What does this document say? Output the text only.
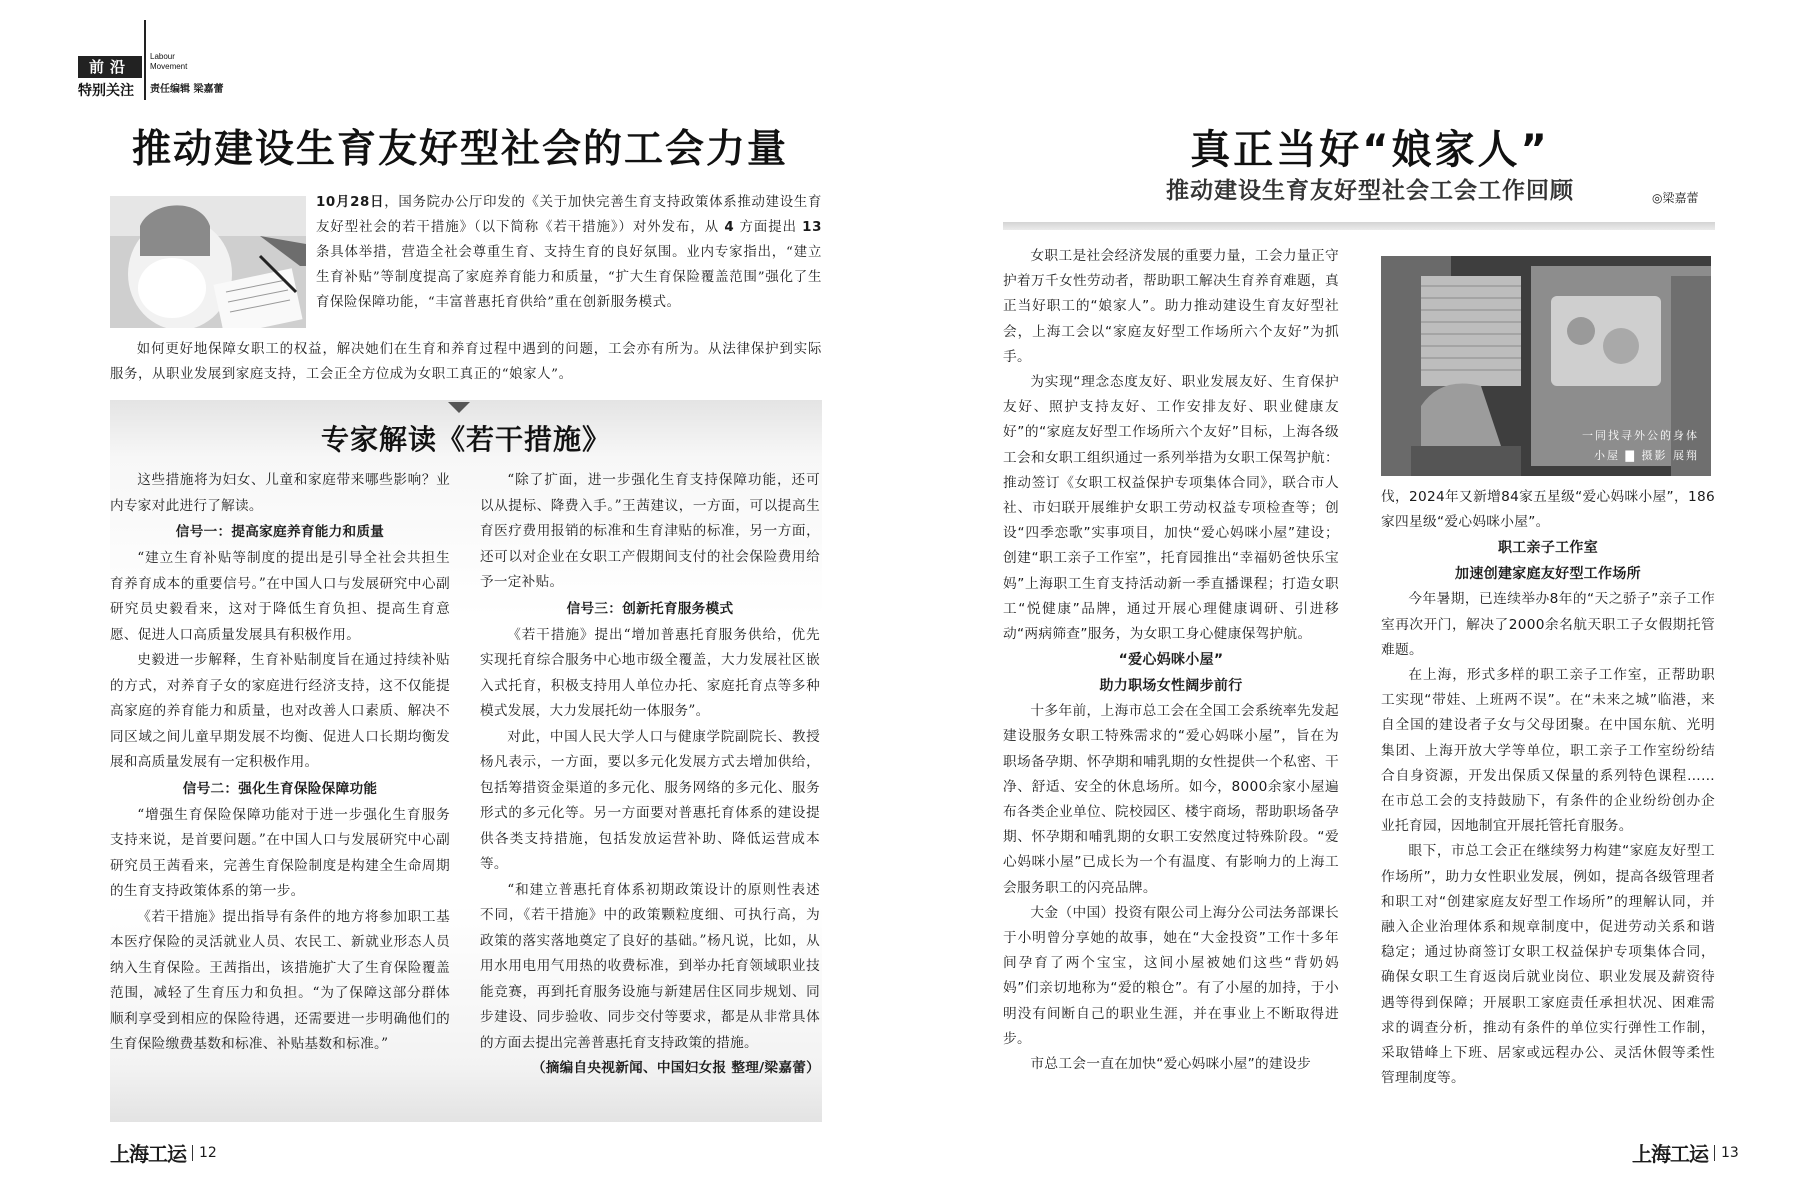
前沿
特别关注
Labour
Movement
责任编辑 梁嘉蕾
推动建设生育友好型社会的工会力量
10月28日，国务院办公厅印发的《关于加快完善生育支持政策体系推动建设生育友好型社会的若干措施》（以下简称《若干措施》）对外发布，从 4 方面提出 13 条具体举措，营造全社会尊重生育、支持生育的良好氛围。业内专家指出，“建立生育补贴”等制度提高了家庭养育能力和质量，“扩大生育保险覆盖范围”强化了生育保险保障功能，“丰富普惠托育供给”重在创新服务模式。

如何更好地保障女职工的权益，解决她们在生育和养育过程中遇到的问题，工会亦有所为。从法律保护到实际服务，从职业发展到家庭支持，工会正全方位成为女职工真正的“娘家人”。

专家解读《若干措施》

这些措施将为妇女、儿童和家庭带来哪些影响？业内专家对此进行了解读。

信号一：提高家庭养育能力和质量

“建立生育补贴等制度的提出是引导全社会共担生育养育成本的重要信号。”在中国人口与发展研究中心副研究员史毅看来，这对于降低生育负担、提高生育意愿、促进人口高质量发展具有积极作用。

史毅进一步解释，生育补贴制度旨在通过持续补贴的方式，对养育子女的家庭进行经济支持，这不仅能提高家庭的养育能力和质量，也对改善人口素质、解决不同区域之间儿童早期发展不均衡、促进人口长期均衡发展和高质量发展有一定积极作用。

信号二：强化生育保险保障功能

“增强生育保险保障功能对于进一步强化生育服务支持来说，是首要问题。”在中国人口与发展研究中心副研究员王茜看来，完善生育保险制度是构建全生命周期的生育支持政策体系的第一步。

《若干措施》提出指导有条件的地方将参加职工基本医疗保险的灵活就业人员、农民工、新就业形态人员纳入生育保险。王茜指出，该措施扩大了生育保险覆盖范围，减轻了生育压力和负担。“为了保障这部分群体顺利享受到相应的保险待遇，还需要进一步明确他们的生育保险缴费基数和标准、补贴基数和标准。”

“除了扩面，进一步强化生育支持保障功能，还可以从提标、降费入手。”王茜建议，一方面，可以提高生育医疗费用报销的标准和生育津贴的标准，另一方面，还可以对企业在女职工产假期间支付的社会保险费用给予一定补贴。

信号三：创新托育服务模式

《若干措施》提出“增加普惠托育服务供给，优先实现托育综合服务中心地市级全覆盖，大力发展社区嵌入式托育，积极支持用人单位办托、家庭托育点等多种模式发展，大力发展托幼一体服务”。

对此，中国人民大学人口与健康学院副院长、教授杨凡表示，一方面，要以多元化发展方式去增加供给，包括筹措资金渠道的多元化、服务网络的多元化、服务形式的多元化等。另一方面要对普惠托育体系的建设提供各类支持措施，包括发放运营补助、降低运营成本等。

“和建立普惠托育体系初期政策设计的原则性表述不同，《若干措施》中的政策颗粒度细、可执行高，为政策的落实落地奠定了良好的基础。”杨凡说，比如，从用水用电用气用热的收费标准，到举办托育领域职业技能竞赛，再到托育服务设施与新建居住区同步规划、同步建设、同步验收、同步交付等要求，都是从非常具体的方面去提出完善普惠托育支持政策的措施。

（摘编自央视新闻、中国妇女报 整理/梁嘉蕾）

上海工运 12
真正当好“娘家人”
推动建设生育友好型社会工会工作回顾	◎梁嘉蕾

女职工是社会经济发展的重要力量，工会力量正守护着万千女性劳动者，帮助职工解决生育养育难题，真正当好职工的“娘家人”。助力推动建设生育友好型社会，上海工会以“家庭友好型工作场所六个友好”为抓手。

为实现“理念态度友好、职业发展友好、生育保护友好、照护支持友好、工作安排友好、职业健康友好”的“家庭友好型工作场所六个友好”目标，上海各级工会和女职工组织通过一系列举措为女职工保驾护航：推动签订《女职工权益保护专项集体合同》，联合市人社、市妇联开展维护女职工劳动权益专项检查等；创设“四季恋歌”实事项目，加快“爱心妈咪小屋”建设；创建“职工亲子工作室”，托育园推出“幸福奶爸快乐宝妈”上海职工生育支持活动新一季直播课程；打造女职工“悦健康”品牌，通过开展心理健康调研、引进移动“两病筛查”服务，为女职工身心健康保驾护航。

“爱心妈咪小屋”
助力职场女性阔步前行

十多年前，上海市总工会在全国工会系统率先发起建设服务女职工特殊需求的“爱心妈咪小屋”，旨在为职场备孕期、怀孕期和哺乳期的女性提供一个私密、干净、舒适、安全的休息场所。如今，8000余家小屋遍布各类企业单位、院校园区、楼宇商场，帮助职场备孕期、怀孕期和哺乳期的女职工安然度过特殊阶段。“爱心妈咪小屋”已成长为一个有温度、有影响力的上海工会服务职工的闪亮品牌。

大金（中国）投资有限公司上海分公司法务部课长于小明曾分享她的故事，她在“大金投资”工作十多年间孕育了两个宝宝，这间小屋被她们这些“背奶妈妈”们亲切地称为“爱的粮仓”。有了小屋的加持，于小明没有间断自己的职业生涯，并在事业上不断取得进步。

市总工会一直在加快“爱心妈咪小屋”的建设步

一同找寻外公的身体
小屋 ▇ 摄影 展翔

伐，2024年又新增84家五星级“爱心妈咪小屋”，186家四星级“爱心妈咪小屋”。

职工亲子工作室
加速创建家庭友好型工作场所

今年暑期，已连续举办8年的“天之骄子”亲子工作室再次开门，解决了2000余名航天职工子女假期托管难题。

在上海，形式多样的职工亲子工作室，正帮助职工实现“带娃、上班两不误”。在“未来之城”临港，来自全国的建设者子女与父母团聚。在中国东航、光明集团、上海开放大学等单位，职工亲子工作室纷纷结合自身资源，开发出保质又保量的系列特色课程……在市总工会的支持鼓励下，有条件的企业纷纷创办企业托育园，因地制宜开展托管托育服务。

眼下，市总工会正在继续努力构建“家庭友好型工作场所”，助力女性职业发展，例如，提高各级管理者和职工对“创建家庭友好型工作场所”的理解认同，并融入企业治理体系和规章制度中，促进劳动关系和谐稳定；通过协商签订女职工权益保护专项集体合同，确保女职工生育返岗后就业岗位、职业发展及薪资待遇等得到保障；开展职工家庭责任承担状况、困难需求的调查分析，推动有条件的单位实行弹性工作制，采取错峰上下班、居家或远程办公、灵活休假等柔性管理制度等。

上海工运 13
